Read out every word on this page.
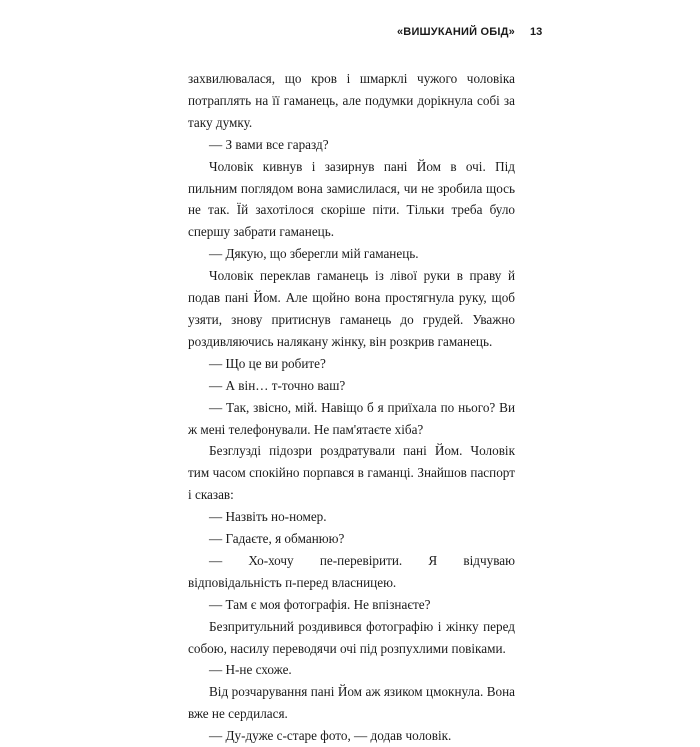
«ВИШУКАНИЙ ОБІД» 13

захвилювалася, що кров і шмарклі чужого чоловіка потраплять на її гаманець, але подумки дорікнула собі за таку думку.

— З вами все гаразд?

Чоловік кивнув і зазирнув пані Йом в очі. Під пильним поглядом вона замислилася, чи не зробила щось не так. Їй захотілося скоріше піти. Тільки треба було спершу забрати гаманець.

— Дякую, що зберегли мій гаманець.

Чоловік переклав гаманець із лівої руки в праву й подав пані Йом. Але щойно вона простягнула руку, щоб узяти, знову притиснув гаманець до грудей. Уважно роздивляючись налякану жінку, він розкрив гаманець.

— Що це ви робите?

— А він… т-точно ваш?

— Так, звісно, мій. Навіщо б я приїхала по нього? Ви ж мені телефонували. Не пам'ятаєте хіба?

Безглузді підозри роздратували пані Йом. Чоловік тим часом спокійно порпався в гаманці. Знайшов паспорт і сказав:

— Назвіть но-номер.

— Гадаєте, я обманюю?

— Хо-хочу пе-перевірити. Я відчуваю відповідальність п-перед власницею.

— Там є моя фотографія. Не впізнаєте?

Безпритульний роздивився фотографію і жінку перед собою, насилу переводячи очі під розпухлими повіками.

— Н-не схоже.

Від розчарування пані Йом аж язиком цмокнула. Вона вже не сердилася.

— Ду-дуже с-старе фото, — додав чоловік.
